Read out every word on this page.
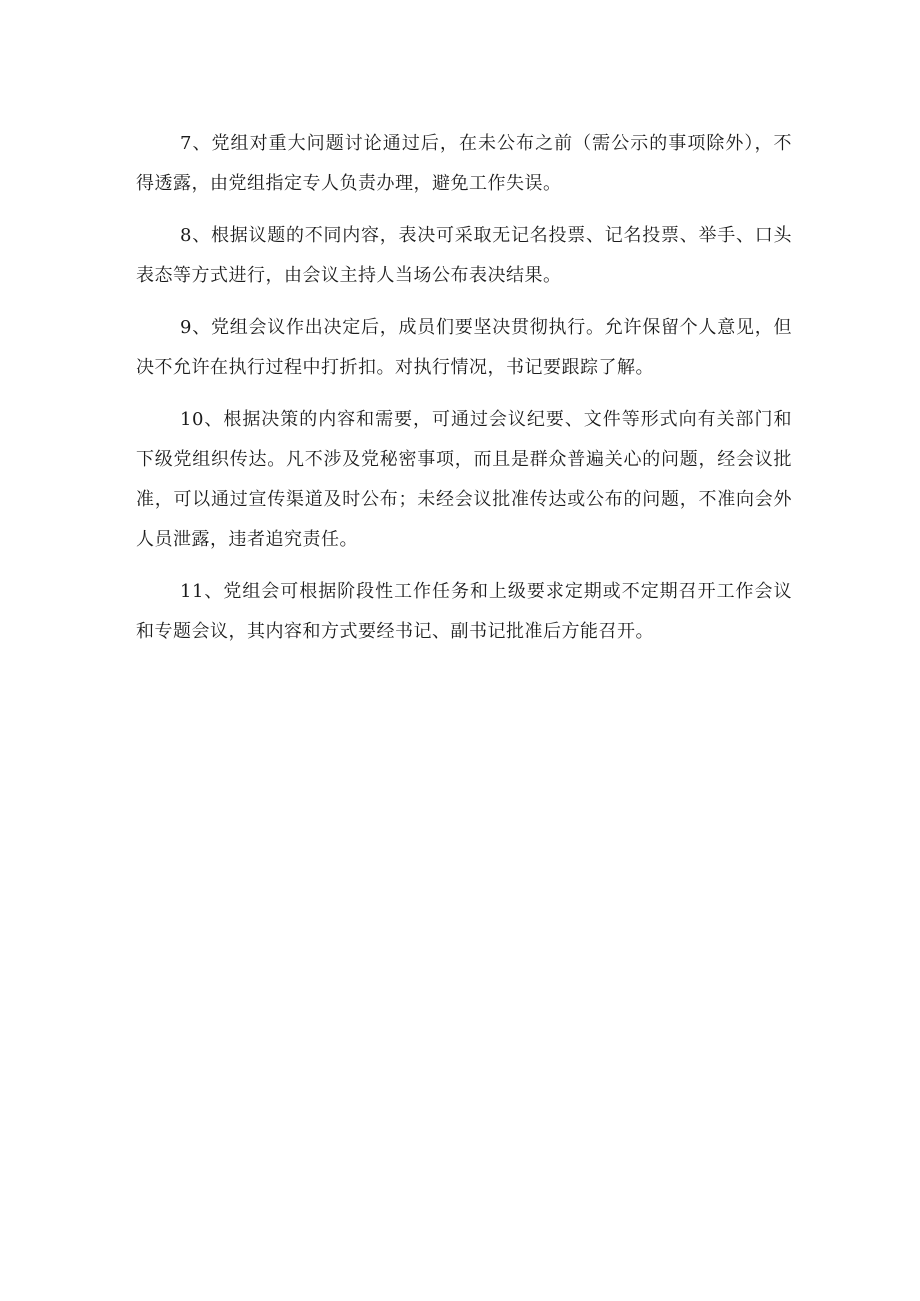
7、党组对重大问题讨论通过后，在未公布之前（需公示的事项除外），不得透露，由党组指定专人负责办理，避免工作失误。

8、根据议题的不同内容，表决可采取无记名投票、记名投票、举手、口头表态等方式进行，由会议主持人当场公布表决结果。

9、党组会议作出决定后，成员们要坚决贯彻执行。允许保留个人意见，但决不允许在执行过程中打折扣。对执行情况，书记要跟踪了解。

10、根据决策的内容和需要，可通过会议纪要、文件等形式向有关部门和下级党组织传达。凡不涉及党秘密事项，而且是群众普遍关心的问题，经会议批准，可以通过宣传渠道及时公布；未经会议批准传达或公布的问题，不准向会外人员泄露，违者追究责任。

11、党组会可根据阶段性工作任务和上级要求定期或不定期召开工作会议和专题会议，其内容和方式要经书记、副书记批准后方能召开。
